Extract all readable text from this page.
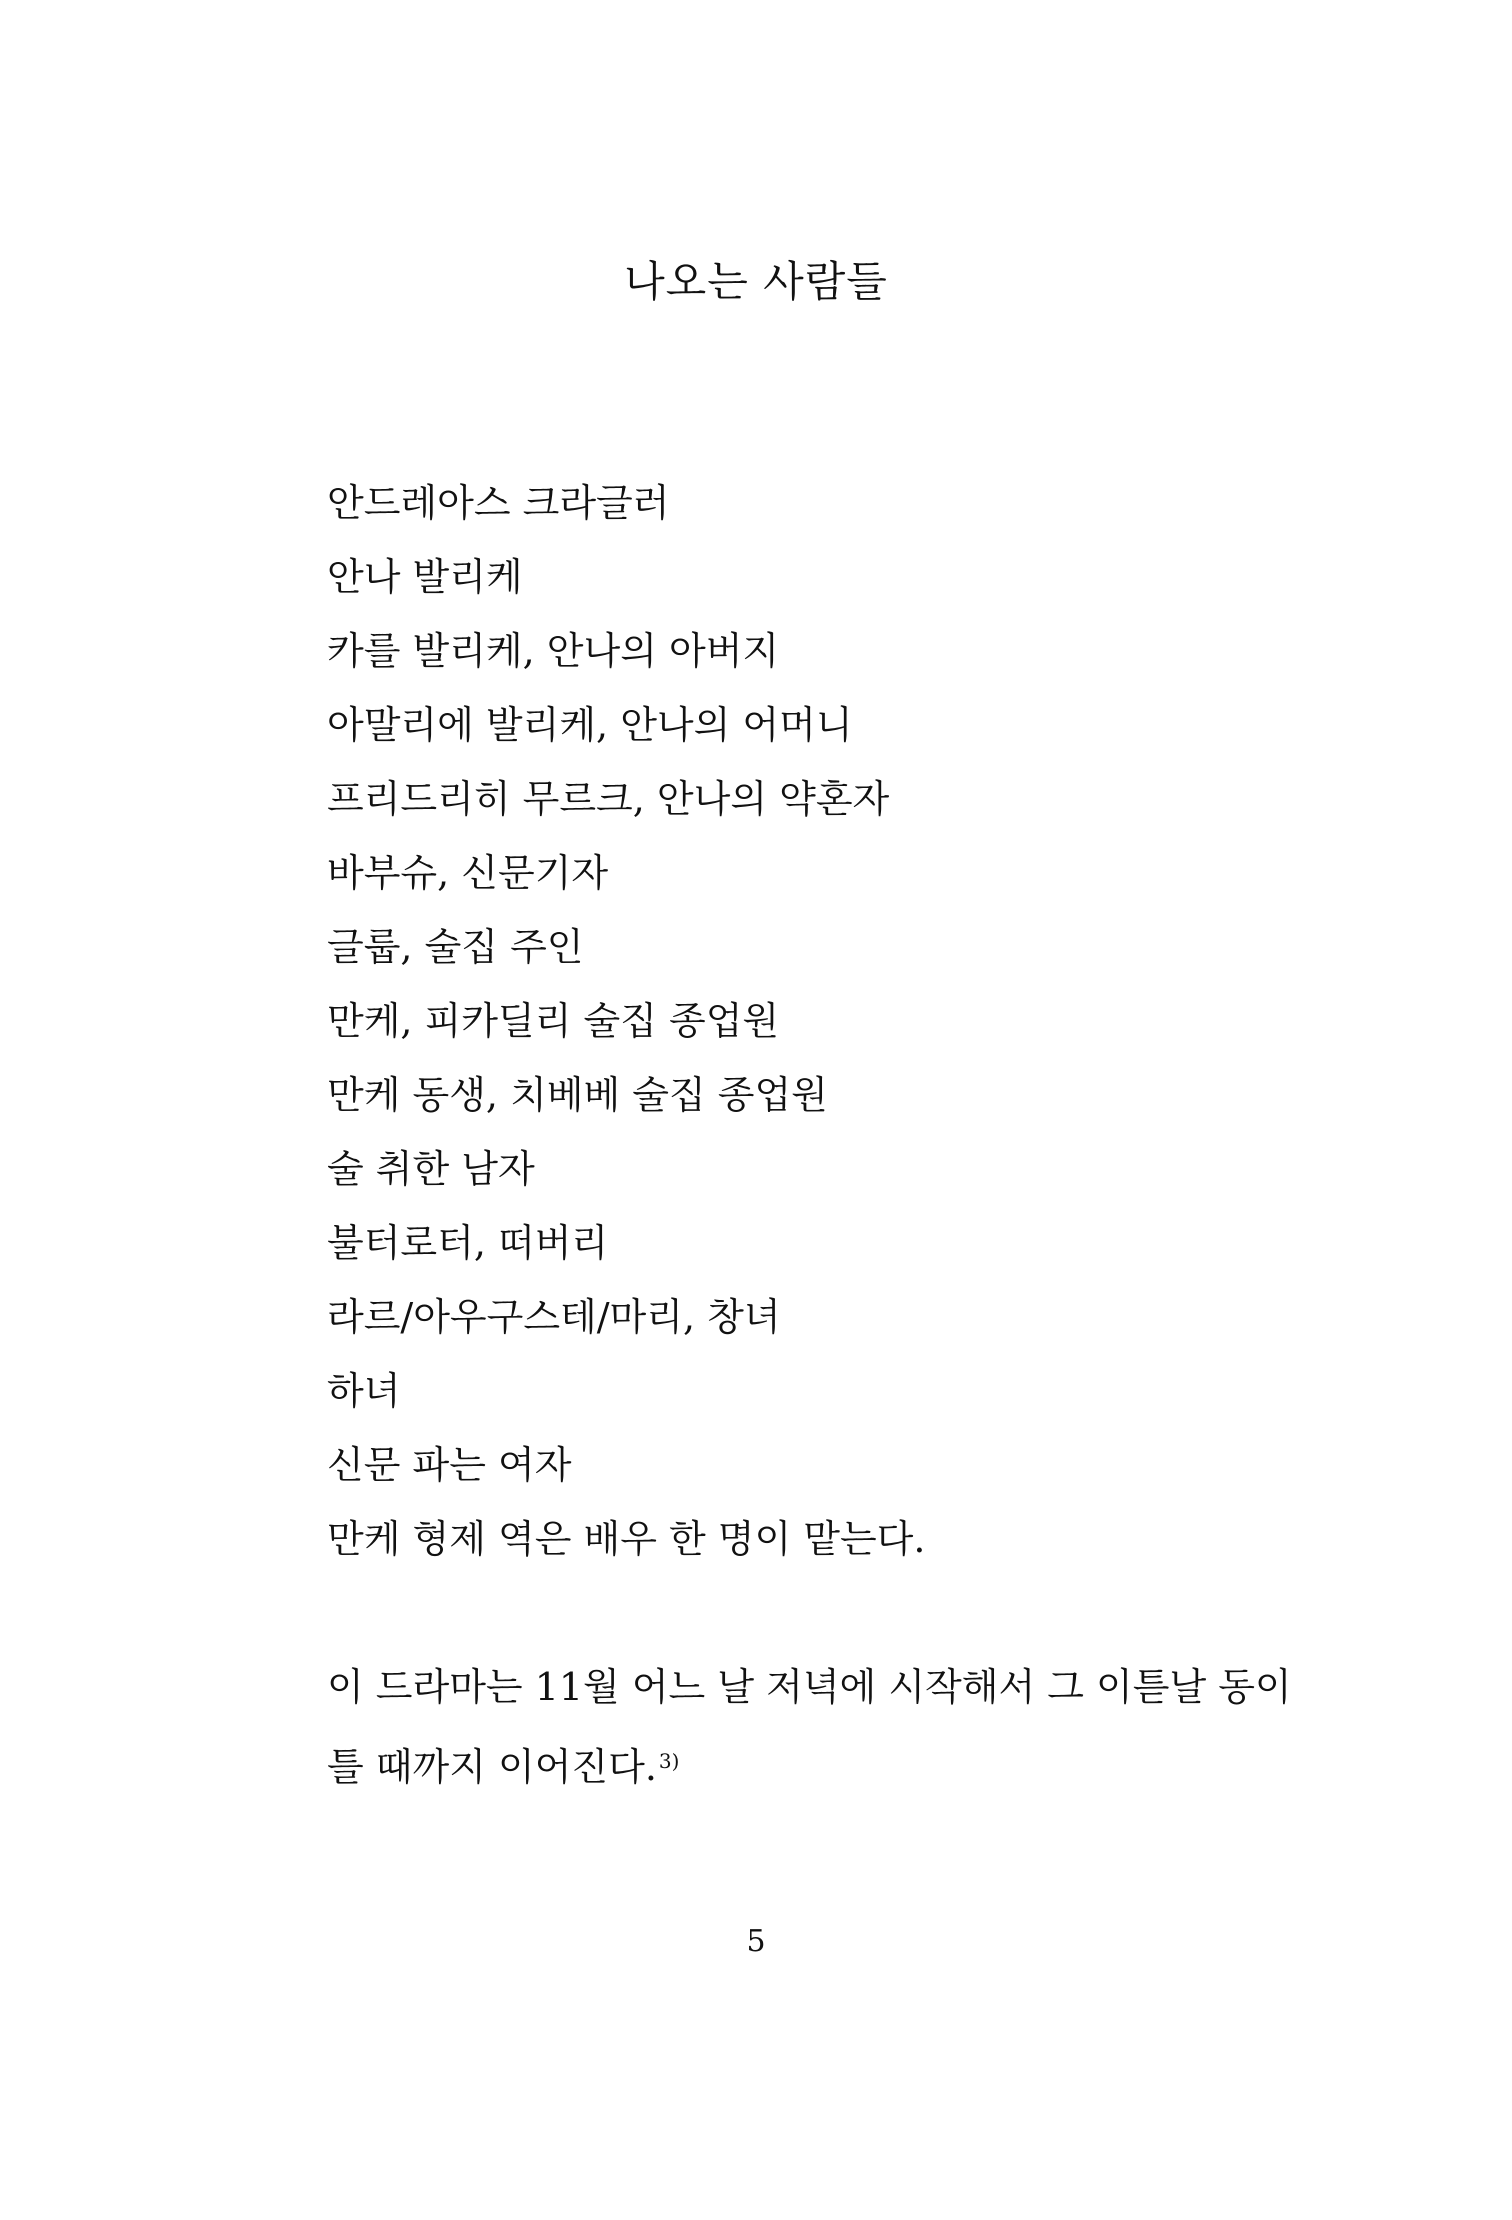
나오는 사람들
안드레아스 크라글러
안나 발리케
카를 발리케, 안나의 아버지
아말리에 발리케, 안나의 어머니
프리드리히 무르크, 안나의 약혼자
바부슈, 신문기자
글룹, 술집 주인
만케, 피카딜리 술집 종업원
만케 동생, 치베베 술집 종업원
술 취한 남자
불터로터, 떠버리
라르/아우구스테/마리, 창녀
하녀
신문 파는 여자
만케 형제 역은 배우 한 명이 맡는다.

이 드라마는 11월 어느 날 저녁에 시작해서 그 이튿날 동이
틀 때까지 이어진다. $^{3)}$

5
